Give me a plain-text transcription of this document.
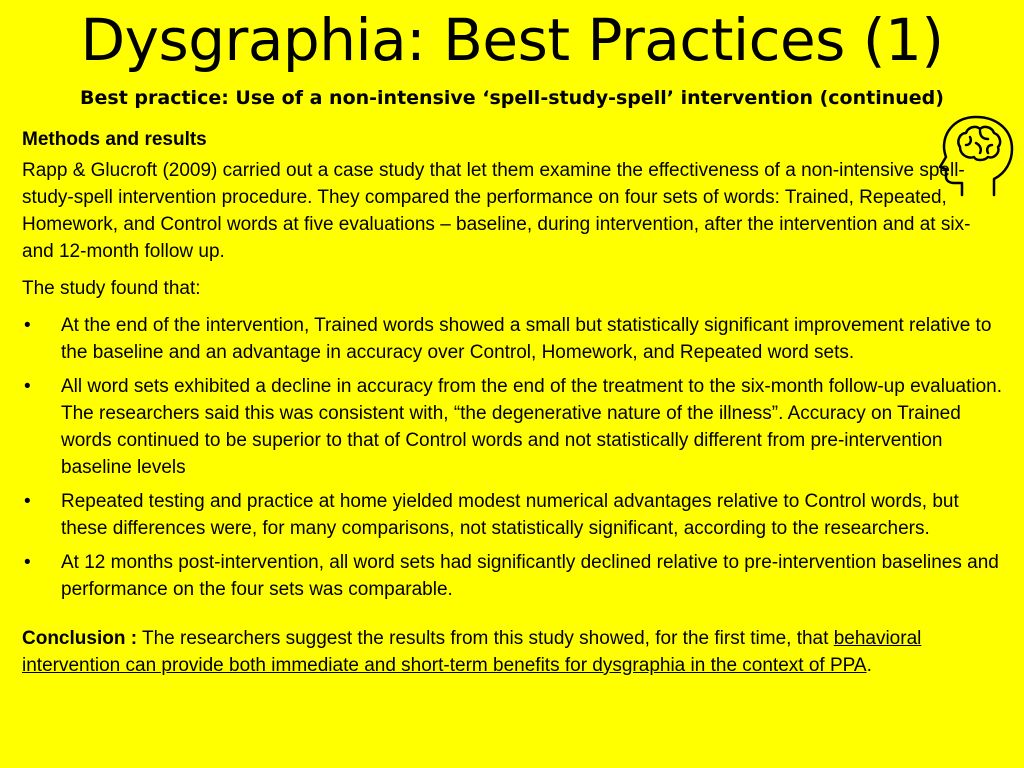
Dysgraphia: Best Practices (1)
Best practice: Use of a non-intensive ‘spell-study-spell’ intervention (continued)

Methods and results

Rapp & Glucroft (2009) carried out a case study that let them examine the effectiveness of a non-intensive spell-study-spell intervention procedure. They compared the performance on four sets of words: Trained, Repeated, Homework, and Control words at five evaluations – baseline, during intervention, after the intervention and at six- and 12-month follow up.

The study found that:

• At the end of the intervention, Trained words showed a small but statistically significant improvement relative to the baseline and an advantage in accuracy over Control, Homework, and Repeated word sets.
• All word sets exhibited a decline in accuracy from the end of the treatment to the six-month follow-up evaluation. The researchers said this was consistent with, “the degenerative nature of the illness”. Accuracy on Trained words continued to be superior to that of Control words and not statistically different from pre-intervention baseline levels
• Repeated testing and practice at home yielded modest numerical advantages relative to Control words, but these differences were, for many comparisons, not statistically significant, according to the researchers.
• At 12 months post-intervention, all word sets had significantly declined relative to pre-intervention baselines and performance on the four sets was comparable.

Conclusion : The researchers suggest the results from this study showed, for the first time, that behavioral intervention can provide both immediate and short-term benefits for dysgraphia in the context of PPA.
